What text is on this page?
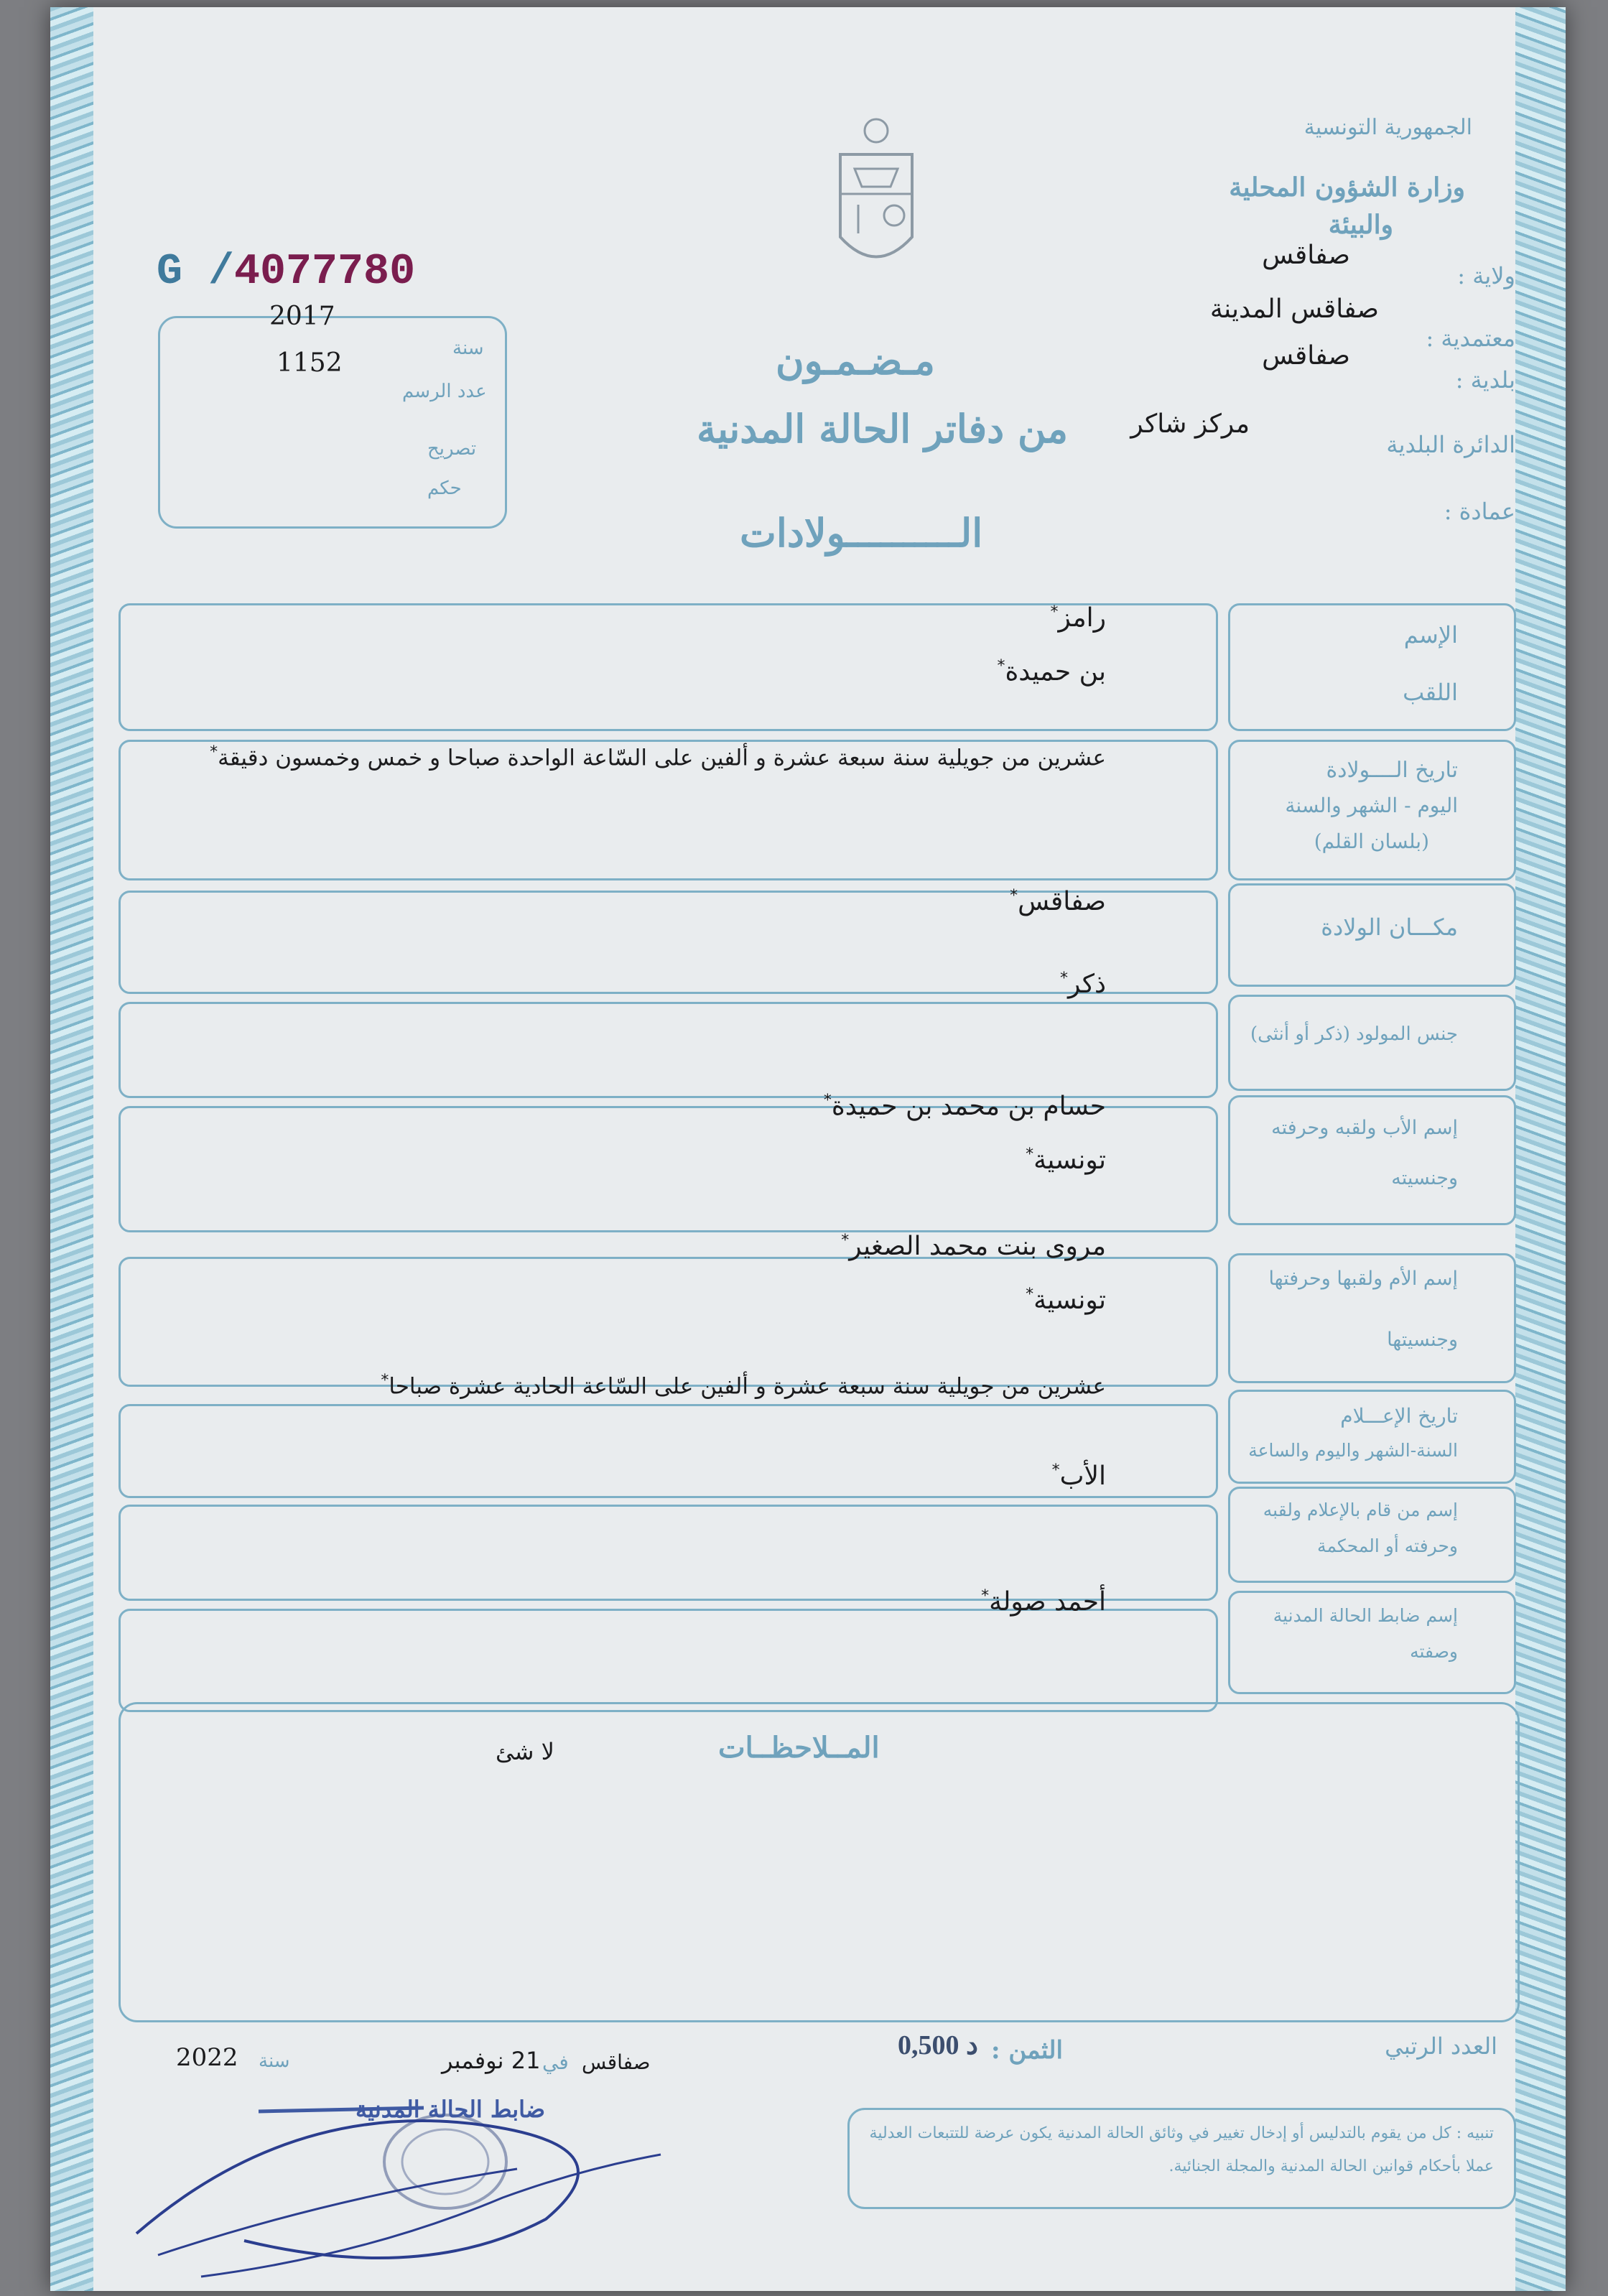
G /4077780
الجمهورية التونسية
وزارة الشؤون المحلية
والبيئة
ولاية :
صفاقس
معتمدية :
صفاقس المدينة
بلدية :
صفاقس
الدائرة البلدية
مركز شاكر
عمادة :
سنة
عدد الرسم
تصريح
حكم
2017
1152	مـضـمـون
من دفاتر الحالة المدنية
الــــــــــولادات
الإسم
اللقب
رامز*
بن حميدة*
تاريخ الــــولادة
اليوم - الشهر والسنة
(بلسان القلم)
عشرين من جويلية سنة سبعة عشرة و ألفين على السّاعة الواحدة صباحا و خمس وخمسون دقيقة*
مكـــان الولادة
صفاقس*
جنس المولود (ذكر أو أنثى)
ذكر*
إسم الأب ولقبه وحرفته
وجنسيته
حسام بن محمد بن حميدة*
تونسية*
إسم الأم ولقبها وحرفتها
وجنسيتها
مروى بنت محمد الصغير*
تونسية*
تاريخ الإعـــلام
السنة-الشهر واليوم والساعة
عشرين من جويلية سنة سبعة عشرة و ألفين على السّاعة الحادية عشرة صباحا*
إسم من قام بالإعلام ولقبه
وحرفته أو المحكمة
الأب*
إسم ضابط الحالة المدنية
وصفته
أحمد صولة*
المــلاحظــات
لا شئ
العدد الرتبي
الثمن :
0,500 د
صفاقس
في
21 نوفمبر
سنة
2022
ضابط الحالة المدنية
تنبيه : كل من يقوم بالتدليس أو إدخال تغيير في وثائق الحالة المدنية يكون عرضة للتتبعات العدلية عملا بأحكام قوانين الحالة المدنية والمجلة الجنائية.
